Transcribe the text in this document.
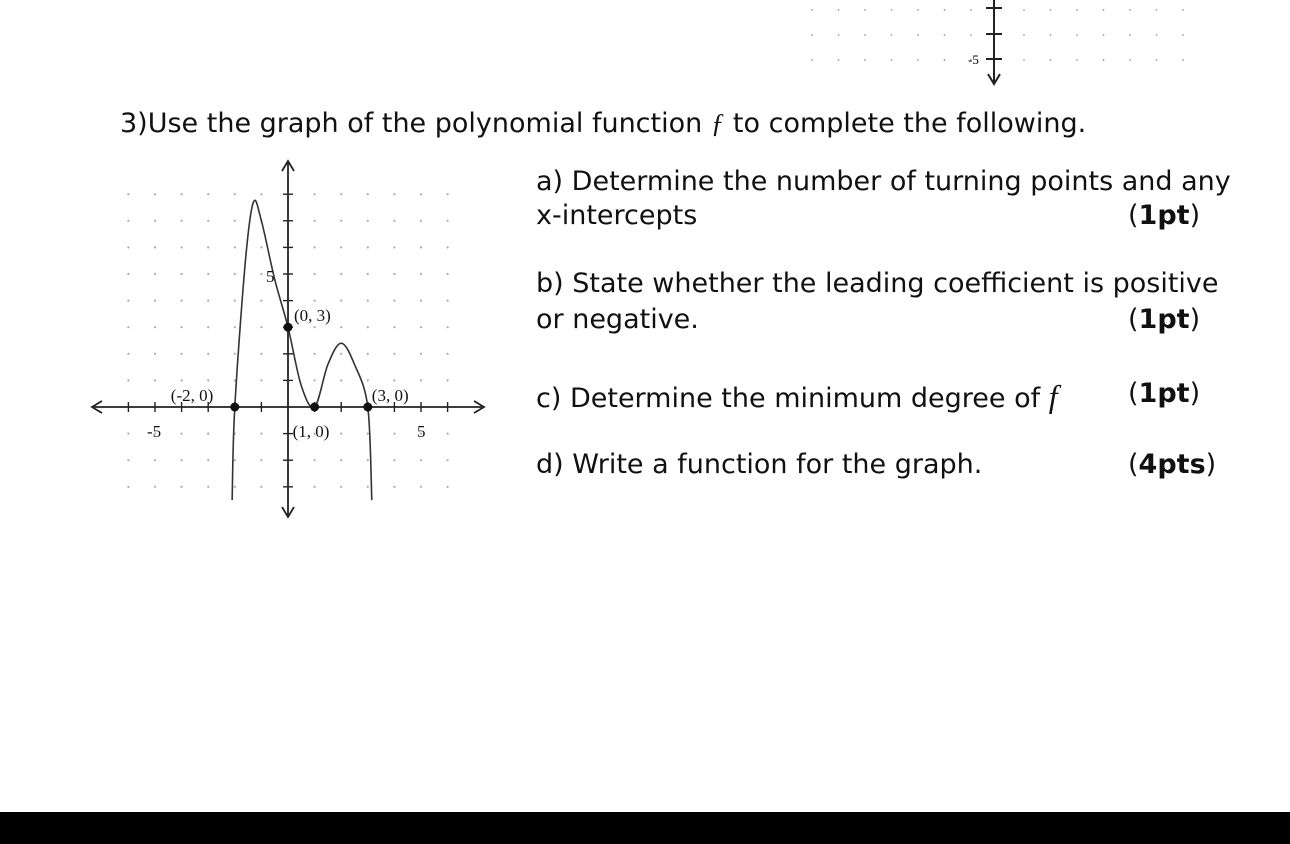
-5
3)Use the graph of the polynomial function ƒ to complete the following.
(-2, 0)
(0, 3)
(1, 0)
(3, 0)
-5	5
5
a) Determine the number of turning points and any
x-intercepts	(1pt)
b) State whether the leading coefficient is positive
or negative.	(1pt)
c) Determine the minimum degree of f	(1pt)
d) Write a function for the graph.	(4pts)
